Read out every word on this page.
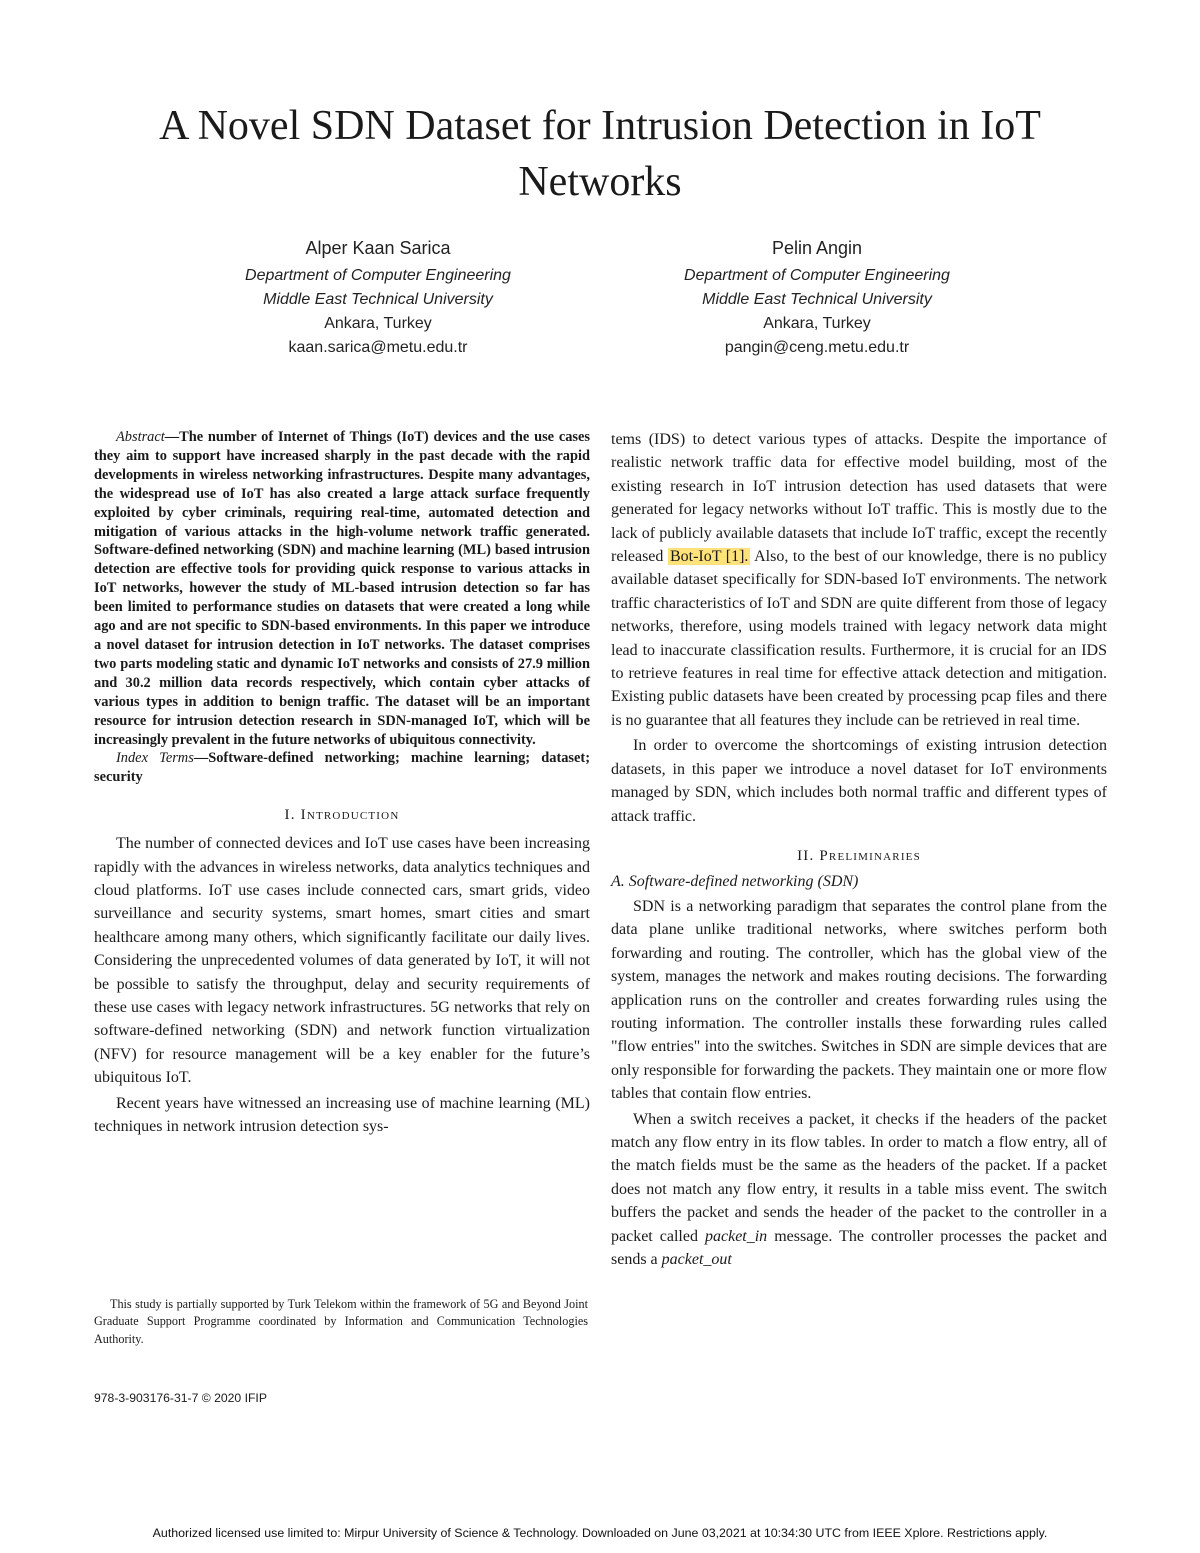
A Novel SDN Dataset for Intrusion Detection in IoT Networks
Alper Kaan Sarica
Department of Computer Engineering
Middle East Technical University
Ankara, Turkey
kaan.sarica@metu.edu.tr
Pelin Angin
Department of Computer Engineering
Middle East Technical University
Ankara, Turkey
pangin@ceng.metu.edu.tr

Abstract—The number of Internet of Things (IoT) devices and the use cases they aim to support have increased sharply in the past decade with the rapid developments in wireless networking infrastructures. Despite many advantages, the widespread use of IoT has also created a large attack surface frequently exploited by cyber criminals, requiring real-time, automated detection and mitigation of various attacks in the high-volume network traffic generated. Software-defined networking (SDN) and machine learning (ML) based intrusion detection are effective tools for providing quick response to various attacks in IoT networks, however the study of ML-based intrusion detection so far has been limited to performance studies on datasets that were created a long while ago and are not specific to SDN-based environments. In this paper we introduce a novel dataset for intrusion detection in IoT networks. The dataset comprises two parts modeling static and dynamic IoT networks and consists of 27.9 million and 30.2 million data records respectively, which contain cyber attacks of various types in addition to benign traffic. The dataset will be an important resource for intrusion detection research in SDN-managed IoT, which will be increasingly prevalent in the future networks of ubiquitous connectivity.

Index Terms—Software-defined networking; machine learning; dataset; security

I. Introduction

The number of connected devices and IoT use cases have been increasing rapidly with the advances in wireless networks, data analytics techniques and cloud platforms. IoT use cases include connected cars, smart grids, video surveillance and security systems, smart homes, smart cities and smart healthcare among many others, which significantly facilitate our daily lives. Considering the unprecedented volumes of data generated by IoT, it will not be possible to satisfy the throughput, delay and security requirements of these use cases with legacy network infrastructures. 5G networks that rely on software-defined networking (SDN) and network function virtualization (NFV) for resource management will be a key enabler for the future’s ubiquitous IoT.

Recent years have witnessed an increasing use of machine learning (ML) techniques in network intrusion detection sys-

This study is partially supported by Turk Telekom within the framework of 5G and Beyond Joint Graduate Support Programme coordinated by Information and Communication Technologies Authority.

978-3-903176-31-7 © 2020 IFIP

tems (IDS) to detect various types of attacks. Despite the importance of realistic network traffic data for effective model building, most of the existing research in IoT intrusion detection has used datasets that were generated for legacy networks without IoT traffic. This is mostly due to the lack of publicly available datasets that include IoT traffic, except the recently released Bot-IoT [1]. Also, to the best of our knowledge, there is no publicy available dataset specifically for SDN-based IoT environments. The network traffic characteristics of IoT and SDN are quite different from those of legacy networks, therefore, using models trained with legacy network data might lead to inaccurate classification results. Furthermore, it is crucial for an IDS to retrieve features in real time for effective attack detection and mitigation. Existing public datasets have been created by processing pcap files and there is no guarantee that all features they include can be retrieved in real time.

In order to overcome the shortcomings of existing intrusion detection datasets, in this paper we introduce a novel dataset for IoT environments managed by SDN, which includes both normal traffic and different types of attack traffic.

II. Preliminaries
A. Software-defined networking (SDN)

SDN is a networking paradigm that separates the control plane from the data plane unlike traditional networks, where switches perform both forwarding and routing. The controller, which has the global view of the system, manages the network and makes routing decisions. The forwarding application runs on the controller and creates forwarding rules using the routing information. The controller installs these forwarding rules called "flow entries" into the switches. Switches in SDN are simple devices that are only responsible for forwarding the packets. They maintain one or more flow tables that contain flow entries.

When a switch receives a packet, it checks if the headers of the packet match any flow entry in its flow tables. In order to match a flow entry, all of the match fields must be the same as the headers of the packet. If a packet does not match any flow entry, it results in a table miss event. The switch buffers the packet and sends the header of the packet to the controller in a packet called packet_in message. The controller processes the packet and sends a packet_out

Authorized licensed use limited to: Mirpur University of Science & Technology. Downloaded on June 03,2021 at 10:34:30 UTC from IEEE Xplore. Restrictions apply.
